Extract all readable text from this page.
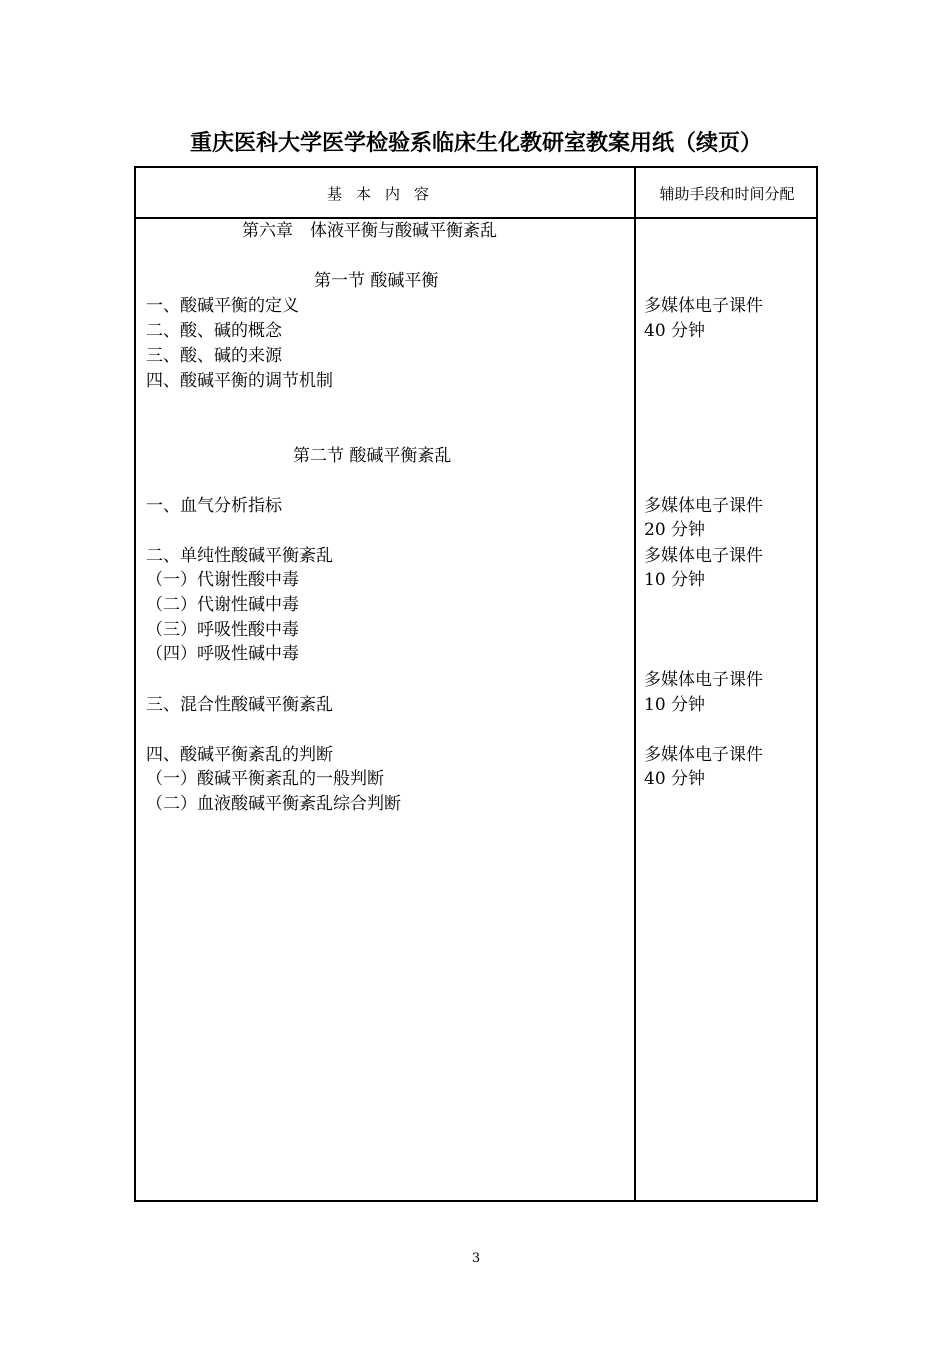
重庆医科大学医学检验系临床生化教研室教案用纸（续页）
基本内容	辅助手段和时间分配
第六章　体液平衡与酸碱平衡紊乱
第一节 酸碱平衡
一、酸碱平衡的定义
二、酸、碱的概念
三、酸、碱的来源
四、酸碱平衡的调节机制
第二节 酸碱平衡紊乱
一、血气分析指标
二、单纯性酸碱平衡紊乱
（一）代谢性酸中毒
（二）代谢性碱中毒
（三）呼吸性酸中毒
（四）呼吸性碱中毒
三、混合性酸碱平衡紊乱
四、酸碱平衡紊乱的判断
（一）酸碱平衡紊乱的一般判断
（二）血液酸碱平衡紊乱综合判断
多媒体电子课件
40 分钟
多媒体电子课件
20 分钟
多媒体电子课件
10 分钟
多媒体电子课件
10 分钟
多媒体电子课件
40 分钟
3
